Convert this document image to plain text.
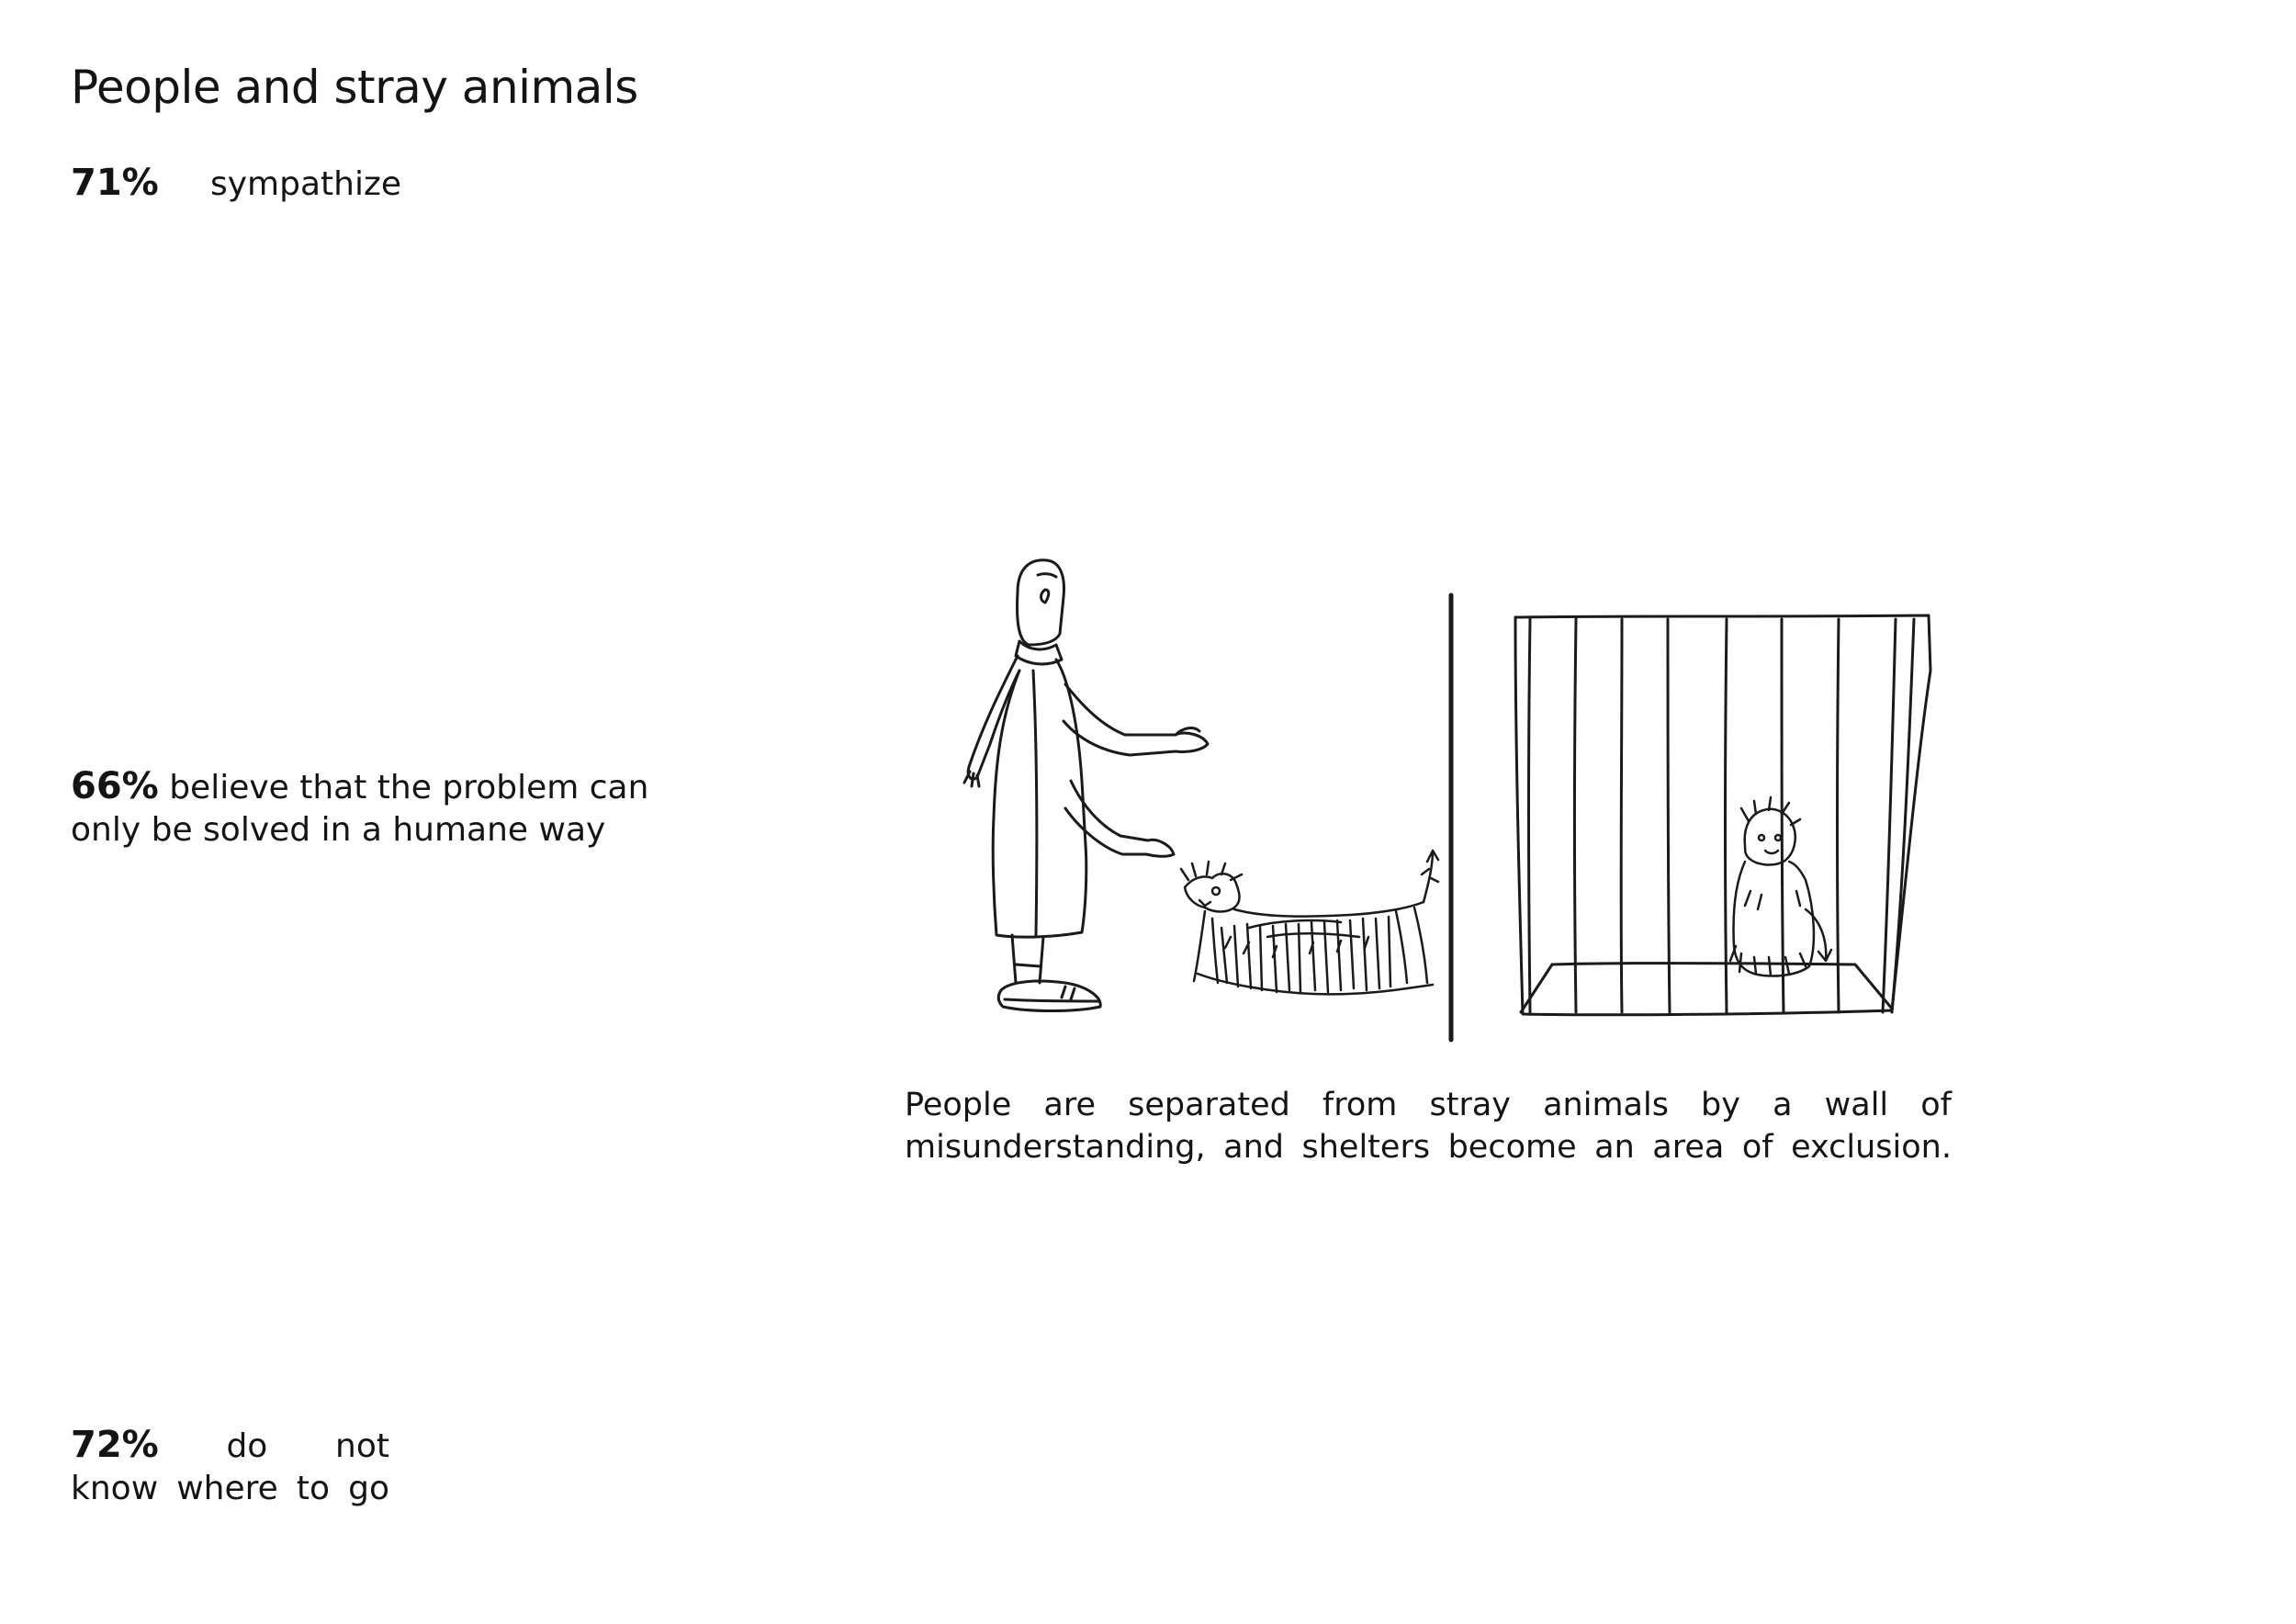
People and stray animals
71%	sympathize
66% believe that the problem can only be solved in a humane way
72% do not
know where to go
People are separated from stray animals by a wall of
misunderstanding, and shelters become an area of exclusion.
